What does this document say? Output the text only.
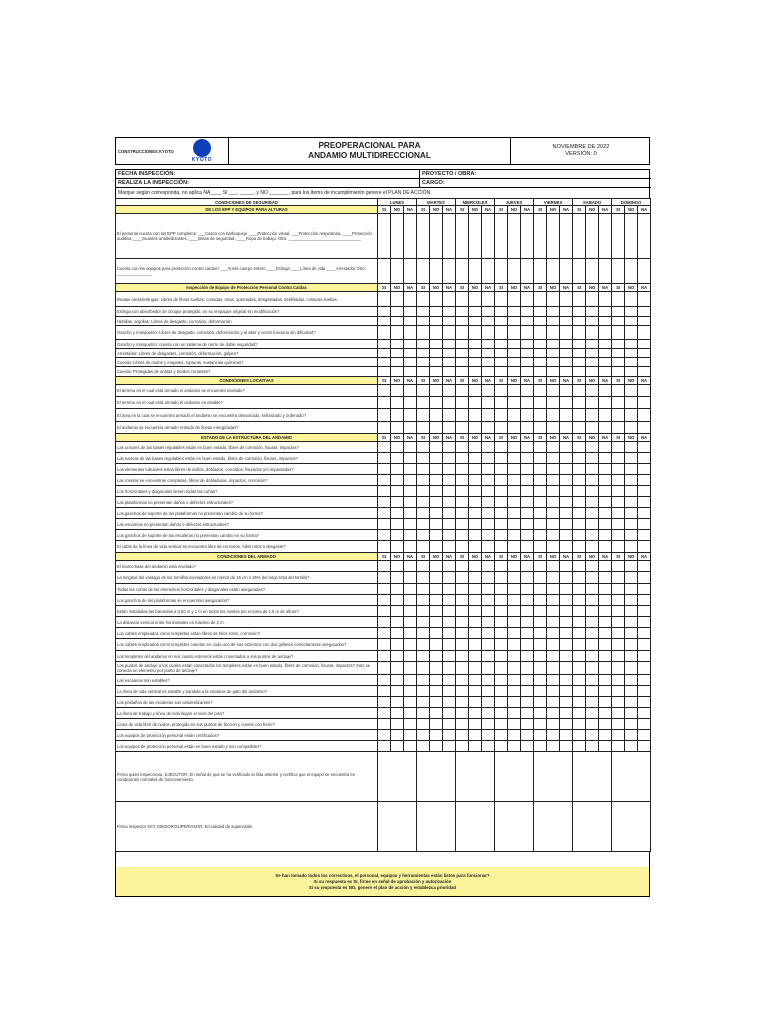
CONSTRUCCIONES KYOTO
KYOTO
PREOPERACIONAL PARA
ANDAMIO MULTIDIRECCIONAL
NOVIEMBRE DE 2022
VERSIÓN: 0
FECHA INSPECCIÓN:	PROYECTO / OBRA:
REALIZA LA INSPECCIÓN:	CARGO:
Marque según corresponda, no aplica NA____ Si ___, _____, y NO _______, para los ítems de incumplimiento genere el PLAN DE ACCIÓN.
CONDICIONES DE SEGURIDAD	LUNES			MARTES			MIERCOLES			JUEVES			VIERNES			SABADO			DOMINGO		
DE LOS EPP Y EQUIPOS PARA ALTURAS	SI	NO	NA	SI	NO	NA	SI	NO	NA	SI	NO	NA	SI	NO	NA	SI	NO	NA	SI	NO	NA
El personal cuenta con los EPP completos: ___Casco con barbuquejo ____Protección visual. ___Protección respiratoria. ____Protección auditiva ____Guantes antideslizantes. ____Botas de seguridad. ____Ropa de trabajo. Otro: _______________________________																					
Cuenta con los equipos para protección contra caídas? ___Arnés cuerpo entero ____Eslinga ____Línea de vida ____Arrestador Otro: _______________																					
Inspección de Equipo de Protección Personal Contra Caídas	SI	NO	NA	SI	NO	NA	SI	NO	NA	SI	NO	NA	SI	NO	NA	SI	NO	NA	SI	NO	NA
Reatas arnés/eslingas: Libres de fibras sueltas, cortadas, rotas, quemadas, desgastadas, deshiladas, costuras sueltas.																					
Eslinga con absorbedor de choque protegido, en su empaque original sin modificación?																					
Hebillas, argollas: Libres de desgaste, corrosión, deformación																					
Gancho y mosquetón: Libres de desgaste, corrosión, deformación y al abrir y cerrar funciona sin dificultad?																					
Gancho y mosquetón: cuenta con un sistema de cierre de doble seguridad?																					
Arrestador: Libres de desgastes, corrosión, deformación, golpes?																					
Cuerda: Libres de nudos y empates, rupturas, sustancias químicas?																					
Cuerda: Protegidas de aristas y bordes cortantes?																					
CONDICIONES LOCATIVAS	SI	NO	NA	SI	NO	NA	SI	NO	NA	SI	NO	NA	SI	NO	NA	SI	NO	NA	SI	NO	NA
El terreno en el cual está armado el andamio se encuentra nivelado?																					
El terreno en el cual está armado el andamio es estable?																					
El área en la cual se encuentra armado el andamio se encuentra demarcado, señalizado y ordenado?																					
El andamio se encuentra armado retirado de líneas energizadas?																					
ESTADO DE LA ESTRUCTURA DEL ANDAMIO	SI	NO	NA	SI	NO	NA	SI	NO	NA	SI	NO	NA	SI	NO	NA	SI	NO	NA	SI	NO	NA
Las uniones de las bases regulables están en buen estado, libres de corrosión, fisuras, impactos?																					
Las tuercas de las bases regulables están en buen estado, libres de corrosión, fisuras, impactos?																					
Los elementos tubulares están libres de daños, doblados, corroídos, fisurados y/o impactados?																					
Las rosetas se encuentran completas, libres de dobladuras, impactos, corrosión?																					
Los horizontales y diagonales tienen todas las cuñas?																					
Las plataformas no presentan daños o defectos estructurales?																					
Los ganchos de soporte de las plataformas no presentan cambio de su forma?																					
Las escaleras no presentan daños o defectos estructurales?																					
Los ganchos de soporte de las escaleras no presentan cambio en su forma?																					
El cable de la línea de vida vertical se encuentra libre de corrosión, hilos rotos o desgaste?																					
CONDICIONES DEL ARMADO	SI	NO	NA	SI	NO	NA	SI	NO	NA	SI	NO	NA	SI	NO	NA	SI	NO	NA	SI	NO	NA
El marco base del andamio está nivelado?																					
La longitud del vástago de los tornillos niveladores es menor de 15 cm o 25% del largo total del tornillo?																					
Todas las cuñas de los elementos horizontales y diagonales están aseguradas?																					
Los ganchos de las plataformas se encuentran asegurados?																					
Están instaladas las barandas a 0.50 m y 1 m en todos los niveles por encima de 1.5 m de altura?																					
La distancia vertical entre horizontales es máximo de 2 m.																					
Los cables empleados como templetes están libres de hilos rotos, corrosión?																					
Los cables empleados como templetes cuentan en cada uno de sus extremos con dos grilletes correctamente asegurados?																					
Los templetes del andamio en sus cuatro extremos están conectados a sus puntos de anclaje?																					
Los puntos de anclaje a los cuales están conectados los templetes están en buen estado, libres de corrosión, fisuras, impactos? Solo se conecta un elemento por punto de anclaje?																					
Las escaleras son estables?																					
La línea de vida vertical es estable y paralela a la escalera de gato del andamio?																					
Los peldaños de las escaleras son antideslizantes?																					
La línea de trabajo y línea de vida llegan al nivel del piso?																					
Línea de vida libre de nudos, protegido en sus puntos de fricción y cuenta con freno?																					
Los equipos de protección personal están certificados?																					
Los equipos de protección personal están en buen estado y son compatibles?																					
Firma quien inspecciona, EJECUTOR. En señal de que se ha verificado la lista anterior y certifica que el equipo se encuentra en condiciones normales de funcionamiento.																					
Firma Inspector SST, EMISOR/SUPERVISOR. En calidad de supervisión																					
Se han tomado todos los correctivos, el personal, equipos y herramientas están listos para funcionar?
Si su respuesta es SI, firme en señal de aprobación y autorización
Si su respuesta es NO, genere el plan de acción y establezca prioridad
